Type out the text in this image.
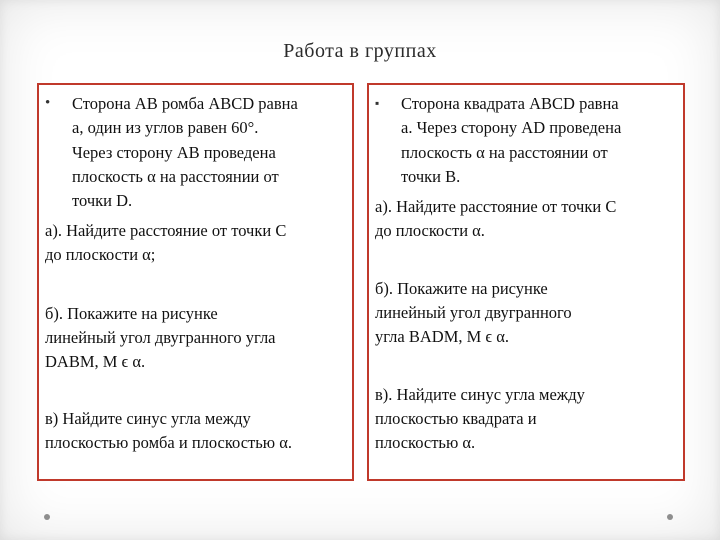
Работа в группах
• Сторона AB ромба ABCD равна

a, один из углов равен 60°.

Через сторону AB проведена

плоскость α на расстоянии от

точки D.

а). Найдите расстояние от точки C

до плоскости α;

б). Покажите на рисунке

линейный угол двугранного угла

DABM, M ϵ α.

в) Найдите синус угла между

плоскостью ромба и плоскостью α.

▪ Сторона квадрата ABCD равна

a. Через сторону AD проведена

плоскость α на расстоянии от

точки B.

а). Найдите расстояние от точки C

до плоскости α.

б). Покажите на рисунке

линейный угол двугранного

угла BADM, M ϵ α.

в). Найдите синус угла между

плоскостью квадрата и

плоскостью α.
